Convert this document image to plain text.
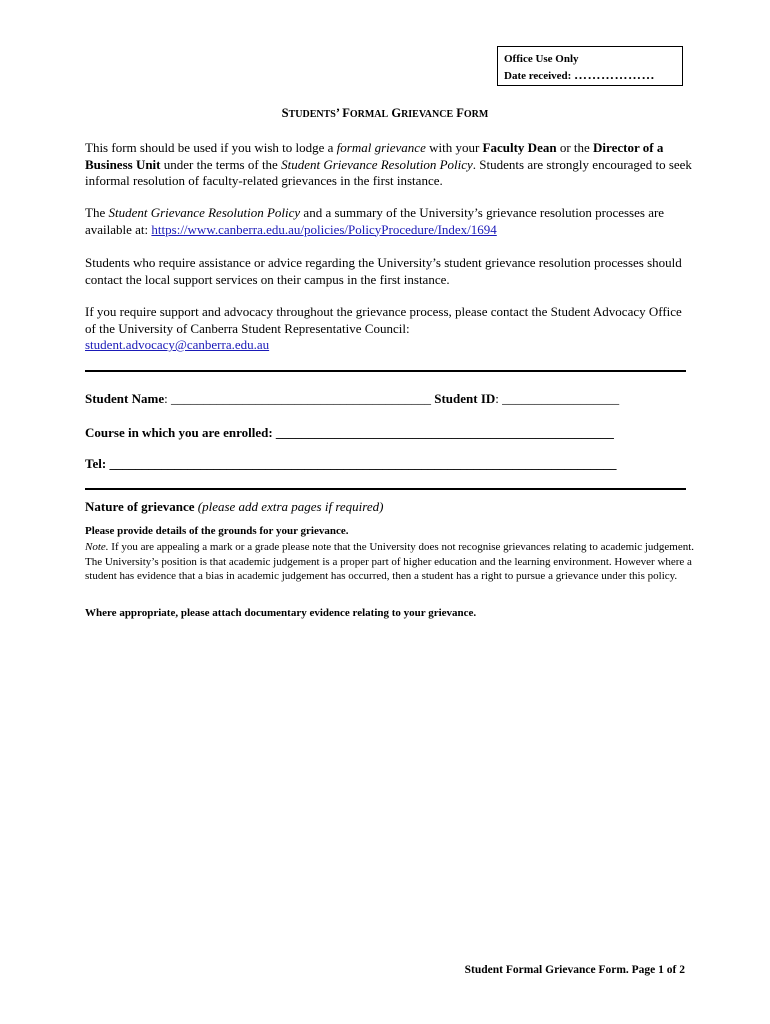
Office Use Only
Date received: ………………
STUDENTS’ FORMAL GRIEVANCE FORM

This form should be used if you wish to lodge a formal grievance with your Faculty Dean or the Director of a Business Unit under the terms of the Student Grievance Resolution Policy. Students are strongly encouraged to seek informal resolution of faculty-related grievances in the first instance.

The Student Grievance Resolution Policy and a summary of the University’s grievance resolution processes are available at: https://www.canberra.edu.au/policies/PolicyProcedure/Index/1694

Students who require assistance or advice regarding the University’s student grievance resolution processes should contact the local support services on their campus in the first instance.

If you require support and advocacy throughout the grievance process, please contact the Student Advocacy Office of the University of Canberra Student Representative Council:
student.advocacy@canberra.edu.au

Student Name: ________________________________________ Student ID: __________________
Course in which you are enrolled: ____________________________________________________
Tel: ______________________________________________________________________________
Nature of grievance (please add extra pages if required)

Please provide details of the grounds for your grievance.

Note. If you are appealing a mark or a grade please note that the University does not recognise grievances relating to academic judgement. The University’s position is that academic judgement is a proper part of higher education and the learning environment. However where a student has evidence that a bias in academic judgement has occurred, then a student has a right to pursue a grievance under this policy.

Where appropriate, please attach documentary evidence relating to your grievance.

Student Formal Grievance Form. Page 1 of 2
